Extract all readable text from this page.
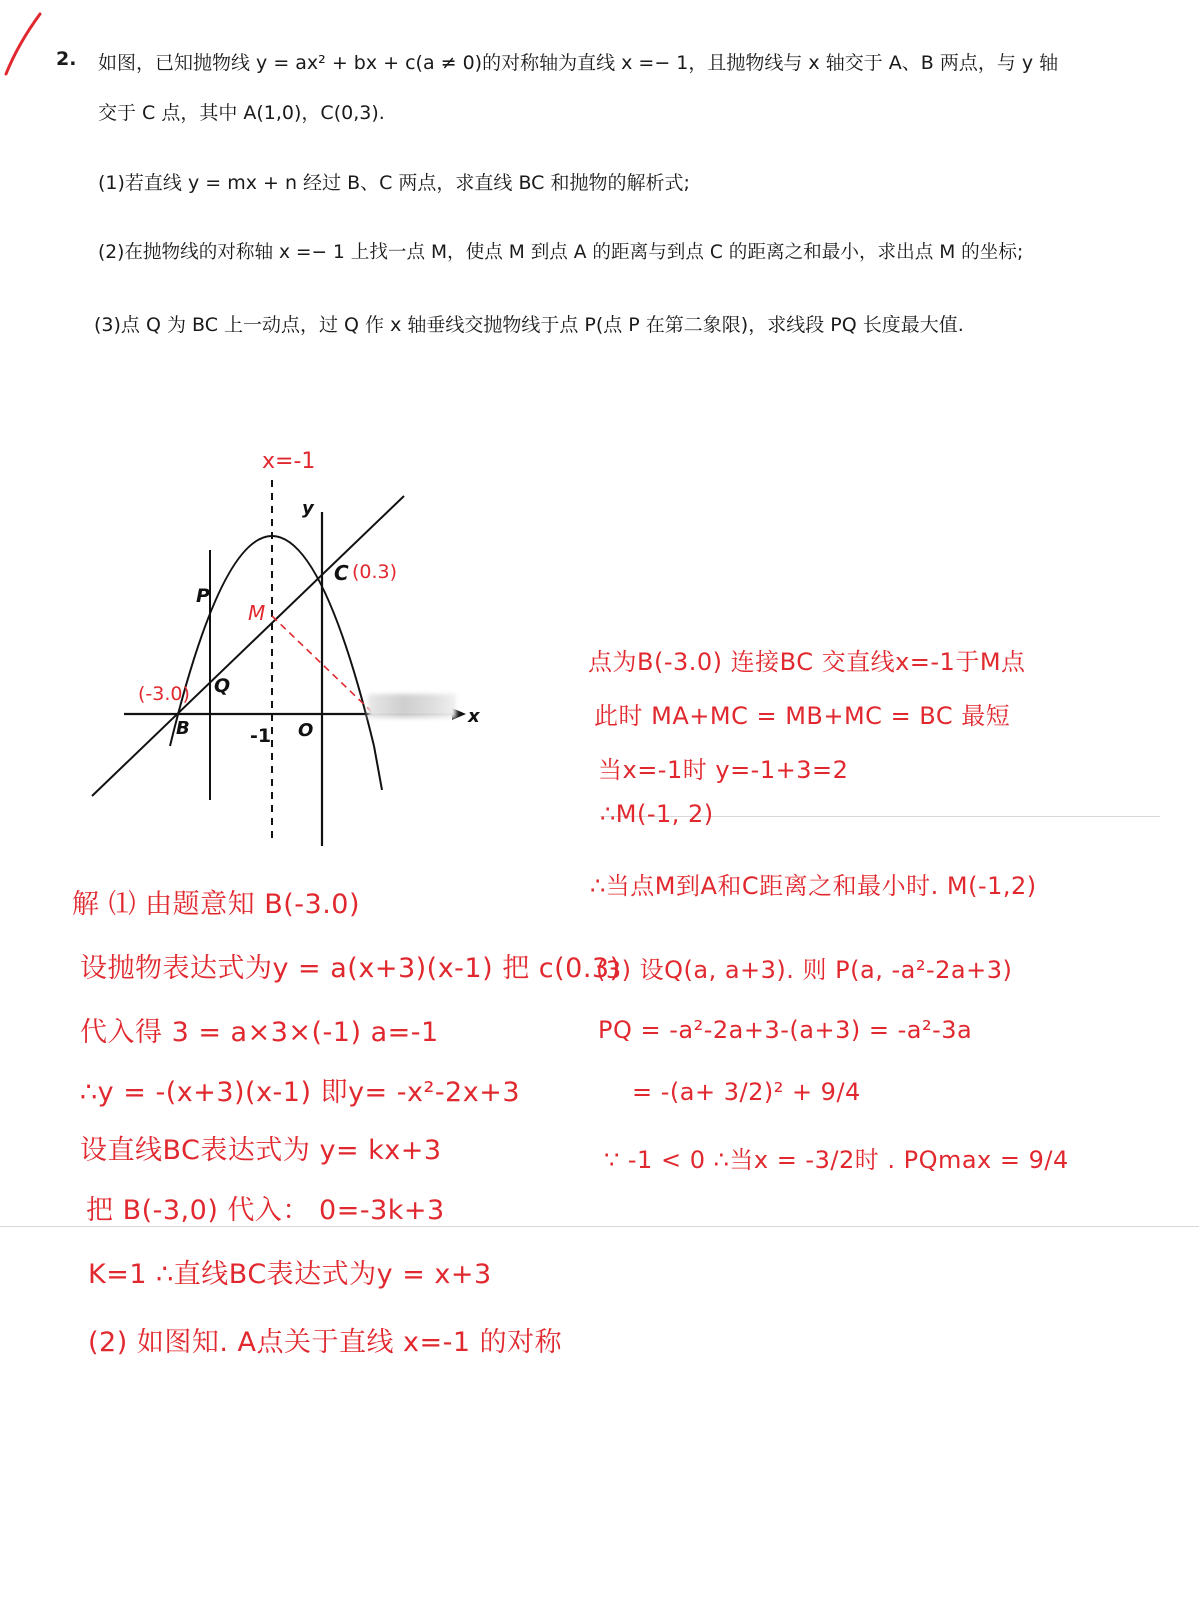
2. 如图，已知抛物线 y = ax² + bx + c(a ≠ 0)的对称轴为直线 x =− 1，且抛物线与 x 轴交于 A、B 两点，与 y 轴
交于 C 点，其中 A(1,0)，C(0,3).
(1)若直线 y = mx + n 经过 B、C 两点，求直线 BC 和抛物的解析式;
(2)在抛物线的对称轴 x =− 1 上找一点 M，使点 M 到点 A 的距离与到点 C 的距离之和最小，求出点 M 的坐标;
(3)点 Q 为 BC 上一动点，过 Q 作 x 轴垂线交抛物线于点 P(点 P 在第二象限)，求线段 PQ 长度最大值.
x=-1
y
x
C (0.3)
P
M
Q
(-3.0)
B	O
-1
解 ⑴ 由题意知 B(-3.0)
设抛物表达式为y = a(x+3)(x-1) 把 c(0.3)
代入得 3 = a×3×(-1) a=-1
∴y = -(x+3)(x-1) 即y= -x²-2x+3
设直线BC表达式为 y= kx+3
把 B(-3,0) 代入： 0=-3k+3
K=1 ∴直线BC表达式为y = x+3
(2) 如图知. A点关于直线 x=-1 的对称
点为B(-3.0) 连接BC 交直线x=-1于M点
此时 MA+MC = MB+MC = BC 最短
当x=-1时 y=-1+3=2
∴M(-1, 2)
∴当点M到A和C距离之和最小时. M(-1,2)
(3) 设Q(a, a+3). 则 P(a, -a²-2a+3)
PQ = -a²-2a+3-(a+3) = -a²-3a
= -(a+ 3/2)² + 9/4
∵ -1 < 0 ∴当x = -3/2时 . PQmax = 9/4
